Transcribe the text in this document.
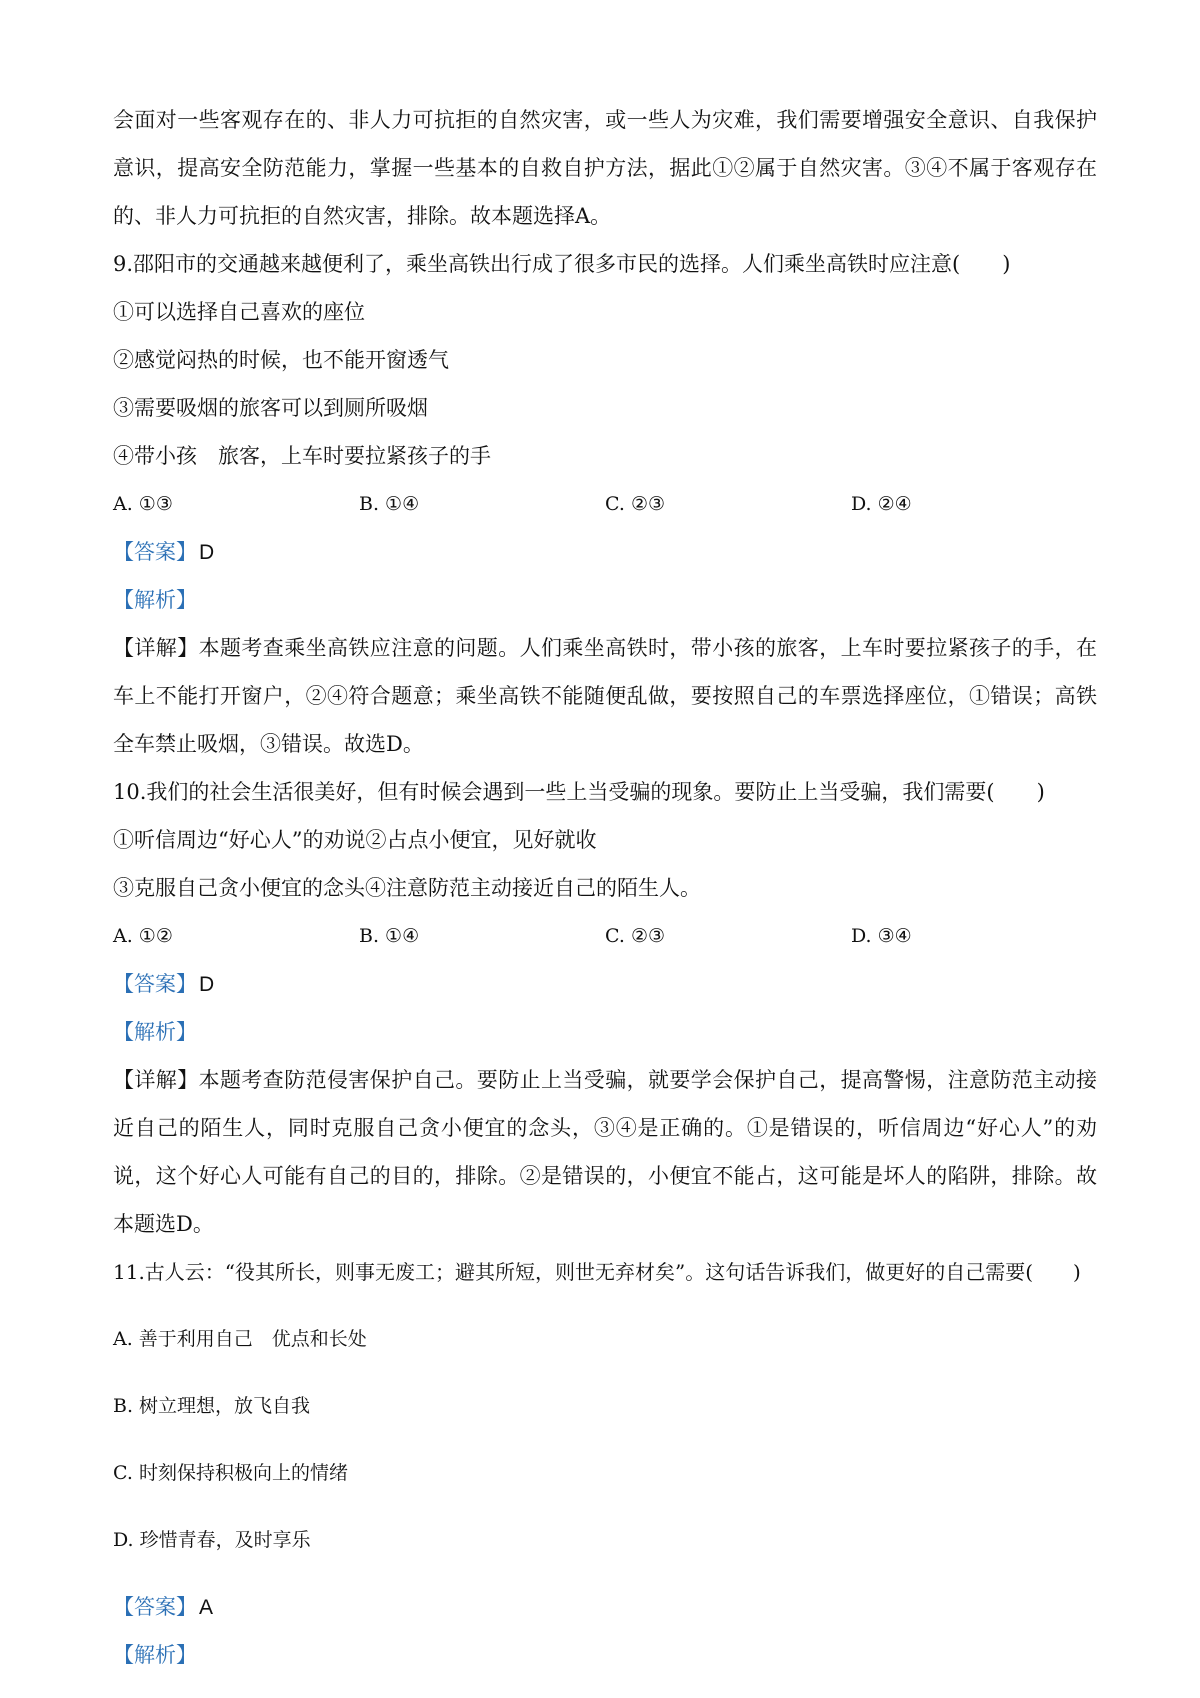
会面对一些客观存在的、非人力可抗拒的自然灾害，或一些人为灾难，我们需要增强安全意识、自我保护意识，提高安全防范能力，掌握一些基本的自救自护方法，据此①②属于自然灾害。③④不属于客观存在的、非人力可抗拒的自然灾害，排除。故本题选择A。

9.邵阳市的交通越来越便利了，乘坐高铁出行成了很多市民的选择。人们乘坐高铁时应注意(　　)

①可以选择自己喜欢的座位

②感觉闷热的时候，也不能开窗透气

③需要吸烟的旅客可以到厕所吸烟

④带小孩　旅客，上车时要拉紧孩子的手

A. ①③	B. ①④	C. ②③	D. ②④

【答案】D

【解析】

【详解】本题考查乘坐高铁应注意的问题。人们乘坐高铁时，带小孩的旅客，上车时要拉紧孩子的手，在车上不能打开窗户，②④符合题意；乘坐高铁不能随便乱做，要按照自己的车票选择座位，①错误；高铁全车禁止吸烟，③错误。故选D。

10.我们的社会生活很美好，但有时候会遇到一些上当受骗的现象。要防止上当受骗，我们需要(　　)

①听信周边“好心人”的劝说②占点小便宜，见好就收

③克服自己贪小便宜的念头④注意防范主动接近自己的陌生人。

A. ①②	B. ①④	C. ②③	D. ③④

【答案】D

【解析】

【详解】本题考查防范侵害保护自己。要防止上当受骗，就要学会保护自己，提高警惕，注意防范主动接近自己的陌生人，同时克服自己贪小便宜的念头，③④是正确的。①是错误的，听信周边“好心人”的劝说，这个好心人可能有自己的目的，排除。②是错误的，小便宜不能占，这可能是坏人的陷阱，排除。故本题选D。

11.古人云：“役其所长，则事无废工；避其所短，则世无弃材矣”。这句话告诉我们，做更好的自己需要(　　)

A. 善于利用自己　优点和长处

B. 树立理想，放飞自我

C. 时刻保持积极向上的情绪

D. 珍惜青春，及时享乐

【答案】A

【解析】
